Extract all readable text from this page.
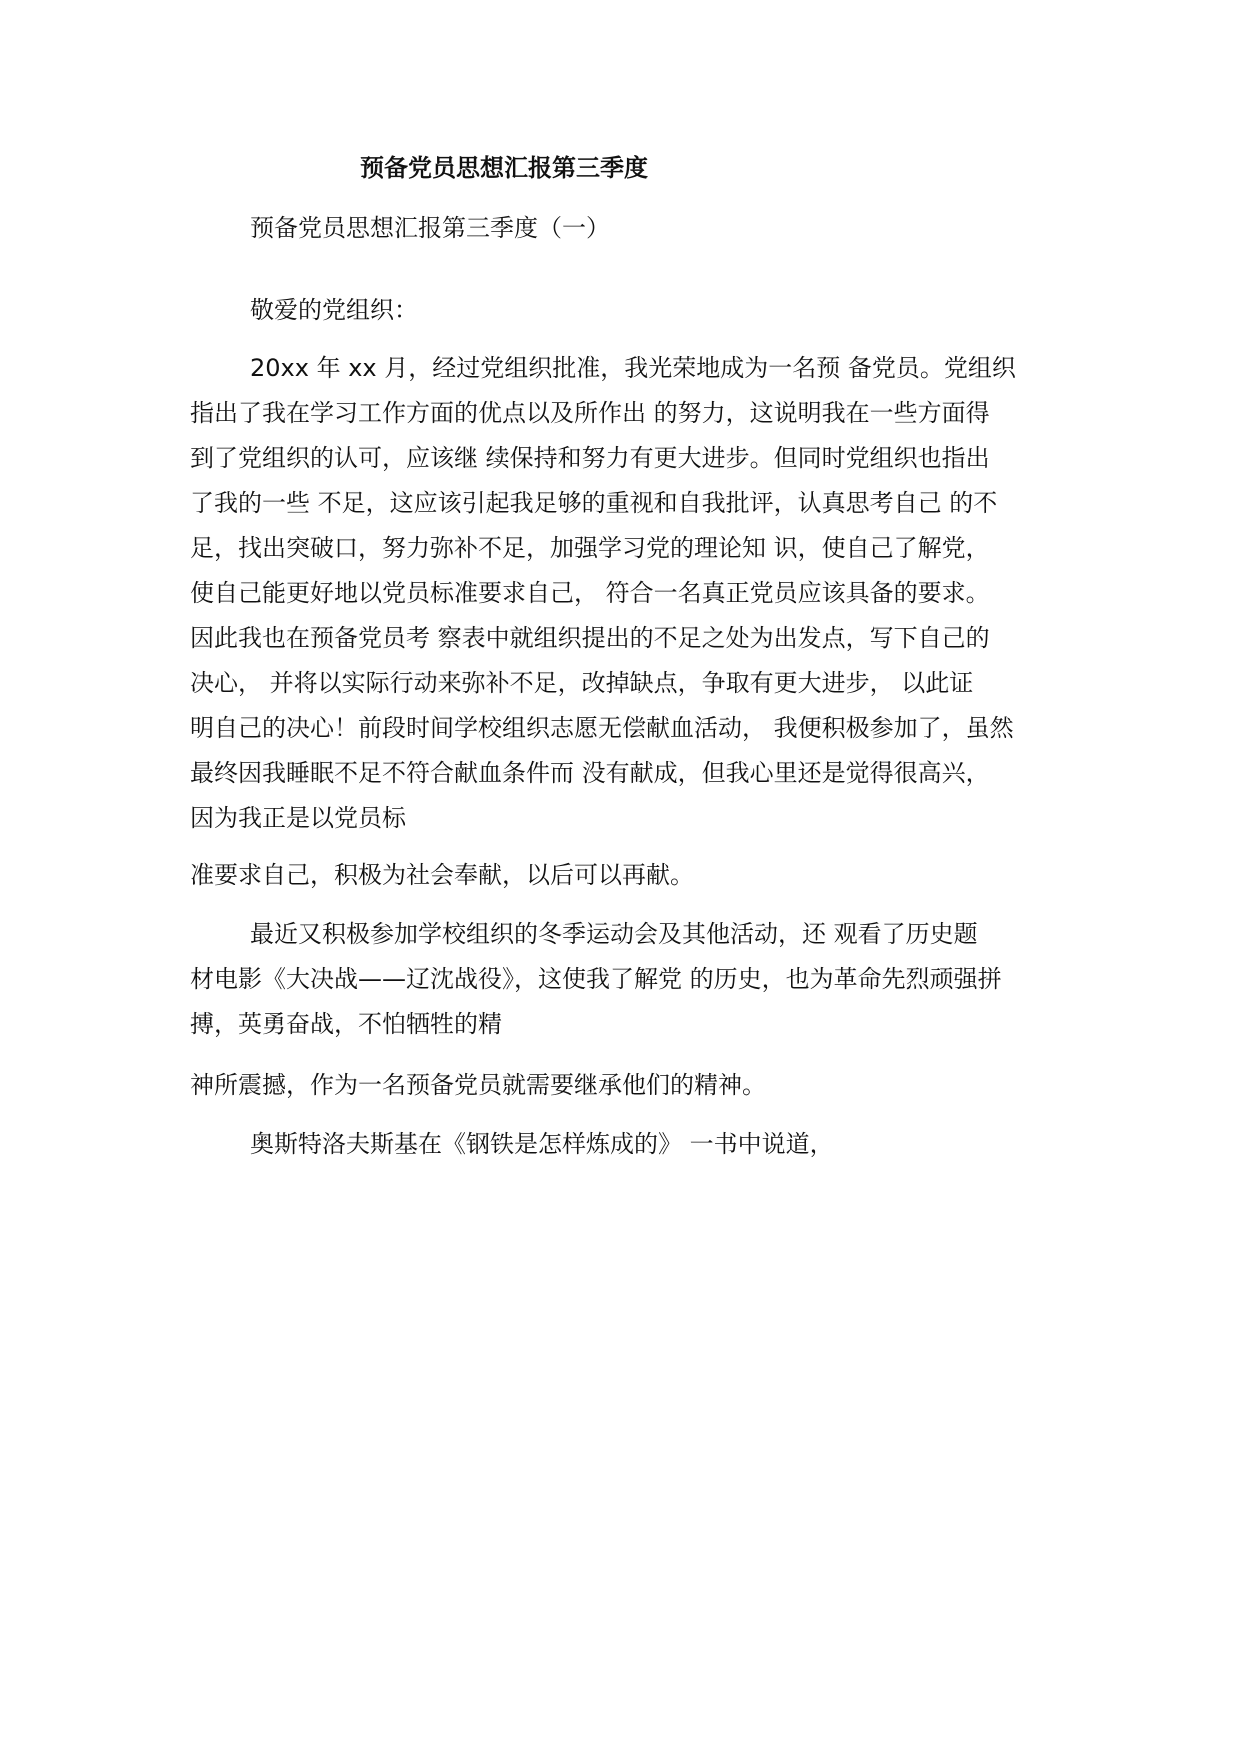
预备党员思想汇报第三季度
预备党员思想汇报第三季度（一）
敬爱的党组织：
20xx 年 xx 月，经过党组织批准，我光荣地成为一名预 备党员。党组织
指出了我在学习工作方面的优点以及所作出 的努力，这说明我在一些方面得
到了党组织的认可，应该继 续保持和努力有更大进步。但同时党组织也指出
了我的一些 不足，这应该引起我足够的重视和自我批评，认真思考自己 的不
足，找出突破口，努力弥补不足，加强学习党的理论知 识，使自己了解党，
使自己能更好地以党员标准要求自己， 符合一名真正党员应该具备的要求。
因此我也在预备党员考 察表中就组织提出的不足之处为出发点，写下自己的
决心， 并将以实际行动来弥补不足，改掉缺点，争取有更大进步， 以此证
明自己的决心！前段时间学校组织志愿无偿献血活动， 我便积极参加了，虽然
最终因我睡眠不足不符合献血条件而 没有献成，但我心里还是觉得很高兴，
因为我正是以党员标
准要求自己，积极为社会奉献，以后可以再献。
最近又积极参加学校组织的冬季运动会及其他活动，还 观看了历史题
材电影《大决战——辽沈战役》，这使我了解党 的历史，也为革命先烈顽强拼
搏，英勇奋战，不怕牺牲的精
神所震撼，作为一名预备党员就需要继承他们的精神。
奥斯特洛夫斯基在《钢铁是怎样炼成的》 一书中说道，
